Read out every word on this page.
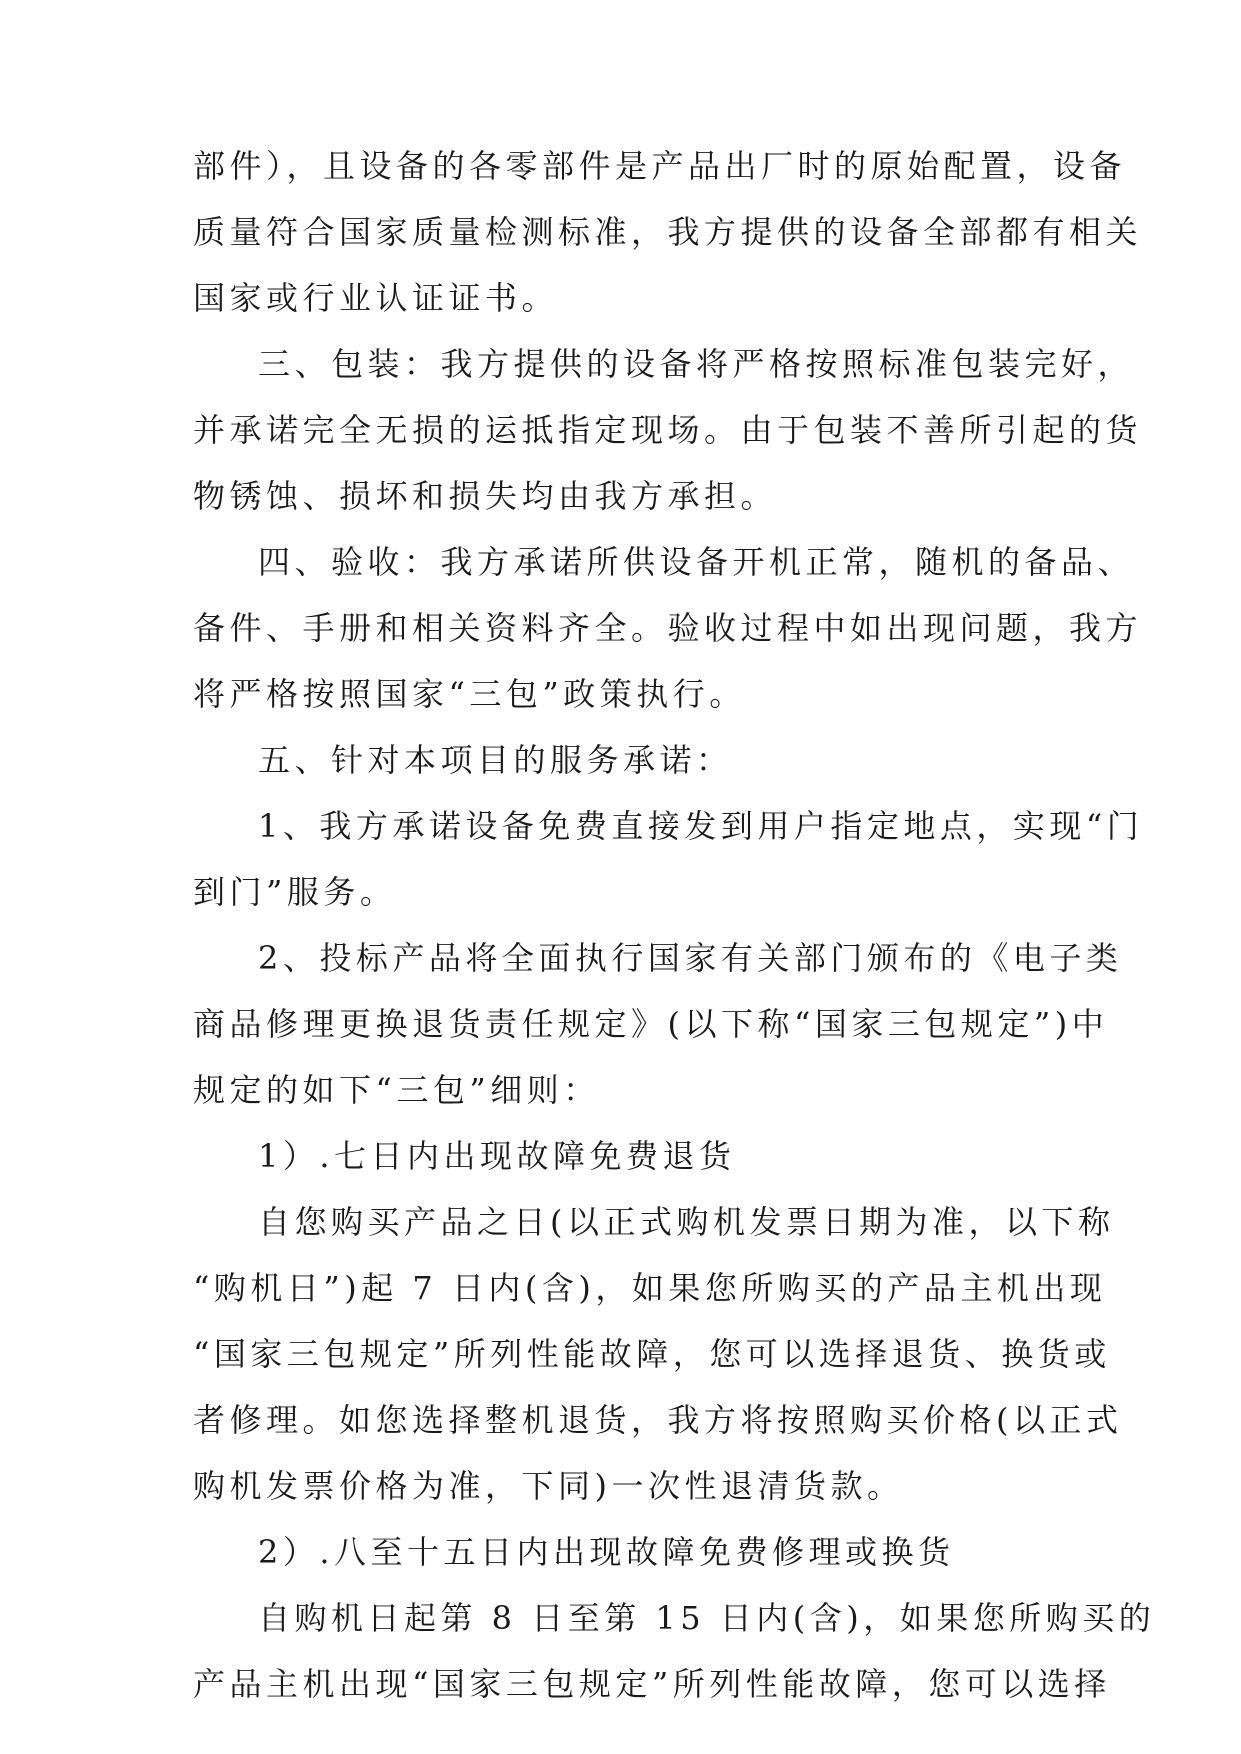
部件），且设备的各零部件是产品出厂时的原始配置，设备

质量符合国家质量检测标准，我方提供的设备全部都有相关

国家或行业认证证书。

三、包装：我方提供的设备将严格按照标准包装完好，

并承诺完全无损的运抵指定现场。由于包装不善所引起的货

物锈蚀、损坏和损失均由我方承担。

四、验收：我方承诺所供设备开机正常，随机的备品、

备件、手册和相关资料齐全。验收过程中如出现问题，我方

将严格按照国家“三包”政策执行。

五、针对本项目的服务承诺：

1、我方承诺设备免费直接发到用户指定地点，实现“门

到门”服务。

2、投标产品将全面执行国家有关部门颁布的《电子类

商品修理更换退货责任规定》(以下称“国家三包规定”)中

规定的如下“三包”细则：

1）.七日内出现故障免费退货

自您购买产品之日(以正式购机发票日期为准，以下称

“购机日”)起 7 日内(含)，如果您所购买的产品主机出现

“国家三包规定”所列性能故障，您可以选择退货、换货或

者修理。如您选择整机退货，我方将按照购买价格(以正式

购机发票价格为准，下同)一次性退清货款。

2）.八至十五日内出现故障免费修理或换货

自购机日起第 8 日至第 15 日内(含)，如果您所购买的

产品主机出现“国家三包规定”所列性能故障，您可以选择
